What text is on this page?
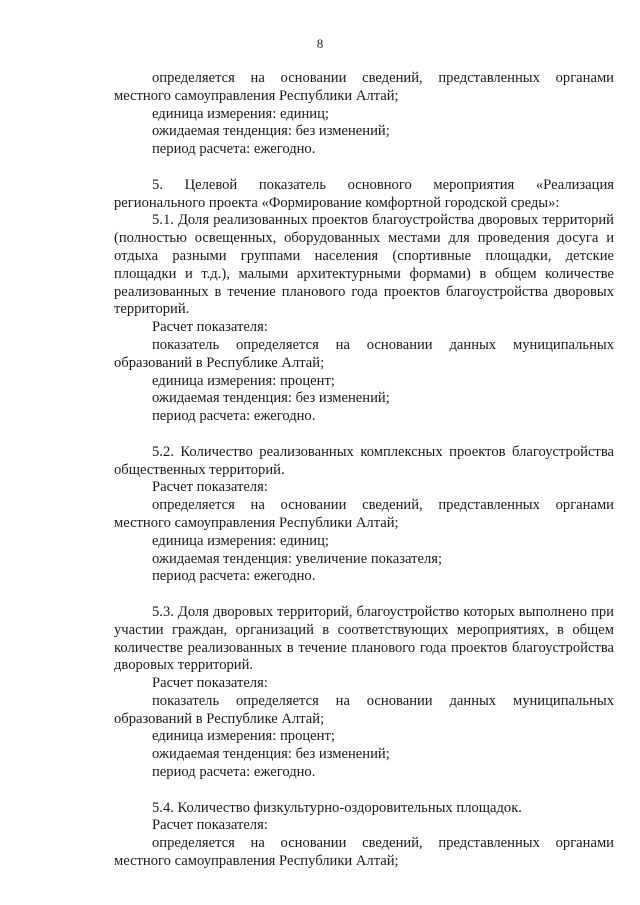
8

определяется на основании сведений, представленных органами местного самоуправления Республики Алтай;

единица измерения: единиц;

ожидаемая тенденция: без изменений;

период расчета: ежегодно.

5. Целевой показатель основного мероприятия «Реализация регионального проекта «Формирование комфортной городской среды»:

5.1. Доля реализованных проектов благоустройства дворовых территорий (полностью освещенных, оборудованных местами для проведения досуга и отдыха разными группами населения (спортивные площадки, детские площадки и т.д.), малыми архитектурными формами) в общем количестве реализованных в течение планового года проектов благоустройства дворовых территорий.

Расчет показателя:

показатель определяется на основании данных муниципальных образований в Республике Алтай;

единица измерения: процент;

ожидаемая тенденция: без изменений;

период расчета: ежегодно.

5.2. Количество реализованных комплексных проектов благоустройства общественных территорий.

Расчет показателя:

определяется на основании сведений, представленных органами местного самоуправления Республики Алтай;

единица измерения: единиц;

ожидаемая тенденция: увеличение показателя;

период расчета: ежегодно.

5.3. Доля дворовых территорий, благоустройство которых выполнено при участии граждан, организаций в соответствующих мероприятиях, в общем количестве реализованных в течение планового года проектов благоустройства дворовых территорий.

Расчет показателя:

показатель определяется на основании данных муниципальных образований в Республике Алтай;

единица измерения: процент;

ожидаемая тенденция: без изменений;

период расчета: ежегодно.

5.4. Количество физкультурно-оздоровительных площадок.

Расчет показателя:

определяется на основании сведений, представленных органами местного самоуправления Республики Алтай;
